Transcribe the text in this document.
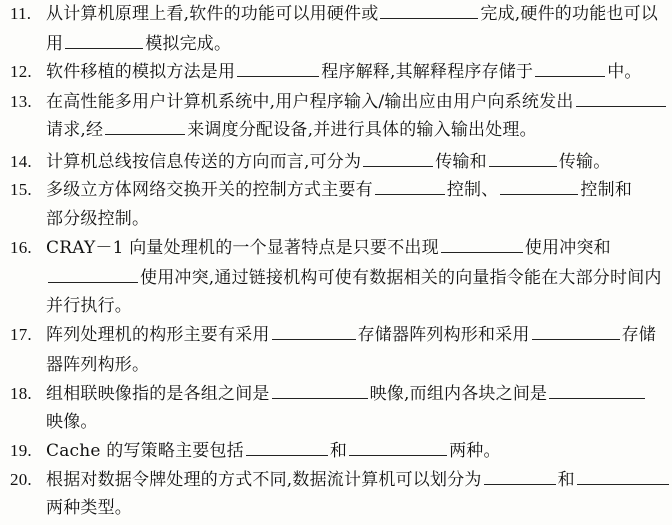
11. 从计算机原理上看,软件的功能可以用硬件或	完成,硬件的功能也可以
用	模拟完成。
12. 软件移植的模拟方法是用	程序解释,其解释程序存储于	中。
13. 在高性能多用户计算机系统中,用户程序输入/输出应由用户向系统发出
请求,经	来调度分配设备,并进行具体的输入输出处理。
14. 计算机总线按信息传送的方向而言,可分为	传输和	传输。
15. 多级立方体网络交换开关的控制方式主要有	控制、	控制和
部分级控制。
16. CRAY－1 向量处理机的一个显著特点是只要不出现	使用冲突和
使用冲突,通过链接机构可使有数据相关的向量指令能在大部分时间内
并行执行。
17. 阵列处理机的构形主要有采用	存储器阵列构形和采用	存储
器阵列构形。
18. 组相联映像指的是各组之间是	映像,而组内各块之间是
映像。
19. Cache 的写策略主要包括	和	两种。
20. 根据对数据令牌处理的方式不同,数据流计算机可以划分为	和
两种类型。
